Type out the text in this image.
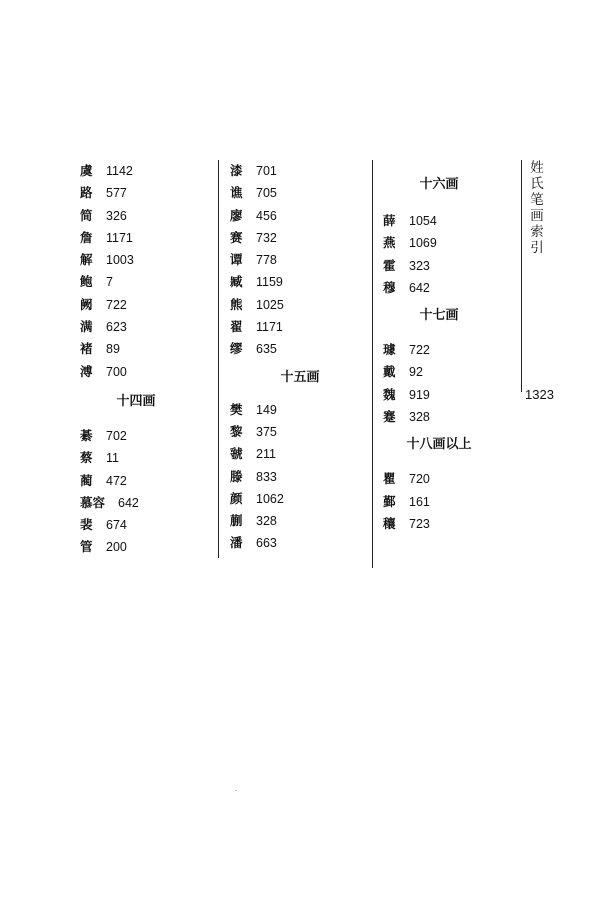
虞 1142
路 577
简 326
詹 1171
解 1003
鲍 7
阙 722
满 623
褚 89
溥 700
十四画
綦 702
蔡 11
蔺 472
慕容 642
裴 674
管 200
漆 701
谯 705
廖 456
赛 732
谭 778
臧 1159
熊 1025
翟 1171
缪 635
十五画
樊 149
黎 375
虢 211
滕 833
颜 1062
蒯 328
潘 663
十六画
薛 1054
燕 1069
霍 323
穆 642
十七画
璩 722
戴 92
魏 919
蹇 328
十八画以上
瞿 720
鄞 161
穰 723
姓
氏
笔
画
索
引
1323
